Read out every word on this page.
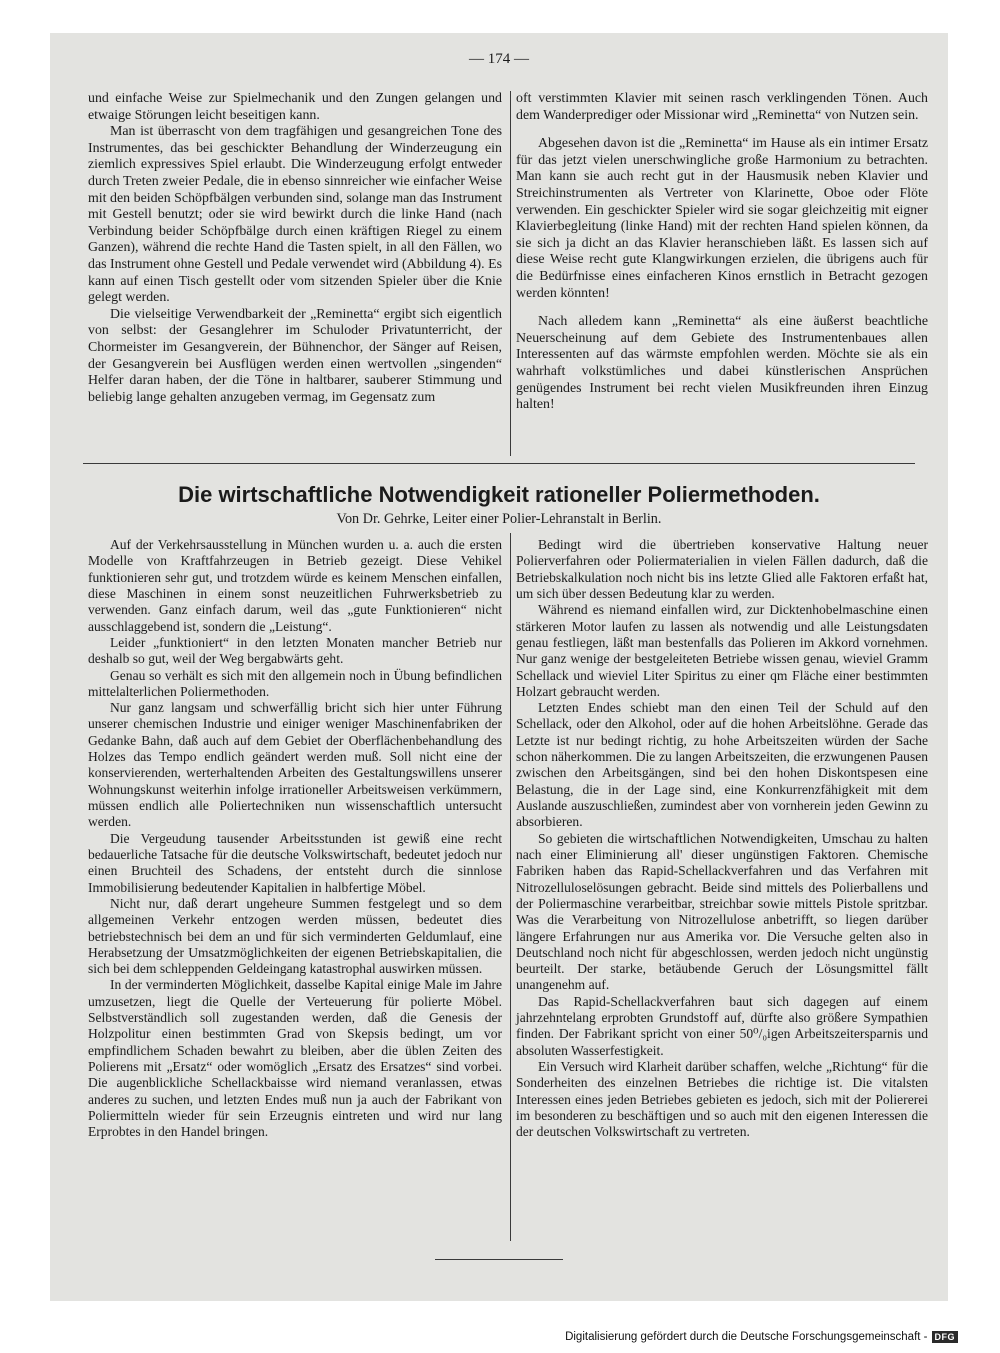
— 174 —

und einfache Weise zur Spielmechanik und den Zungen gelangen und etwaige Störungen leicht beseitigen kann.

Man ist überrascht von dem tragfähigen und gesangreichen Tone des Instrumentes, das bei geschickter Behandlung der Winderzeugung ein ziemlich expressives Spiel erlaubt. Die Winderzeugung erfolgt entweder durch Treten zweier Pedale, die in ebenso sinnreicher wie einfacher Weise mit den beiden Schöpfbälgen verbunden sind, solange man das Instrument mit Gestell benutzt; oder sie wird bewirkt durch die linke Hand (nach Verbindung beider Schöpfbälge durch einen kräftigen Riegel zu einem Ganzen), während die rechte Hand die Tasten spielt, in all den Fällen, wo das Instrument ohne Gestell und Pedale verwendet wird (Abbildung 4). Es kann auf einen Tisch gestellt oder vom sitzenden Spieler über die Knie gelegt werden.

Die vielseitige Verwendbarkeit der „Reminetta“ ergibt sich eigentlich von selbst: der Gesanglehrer im Schuloder Privatunterricht, der Chormeister im Gesangverein, der Bühnenchor, der Sänger auf Reisen, der Gesangverein bei Ausflügen werden einen wertvollen „singenden“ Helfer daran haben, der die Töne in haltbarer, sauberer Stimmung und beliebig lange gehalten anzugeben vermag, im Gegensatz zum

oft verstimmten Klavier mit seinen rasch verklingenden Tönen. Auch dem Wanderprediger oder Missionar wird „Reminetta“ von Nutzen sein.

Abgesehen davon ist die „Reminetta“ im Hause als ein intimer Ersatz für das jetzt vielen unerschwingliche große Harmonium zu betrachten. Man kann sie auch recht gut in der Hausmusik neben Klavier und Streichinstrumenten als Vertreter von Klarinette, Oboe oder Flöte verwenden. Ein geschickter Spieler wird sie sogar gleichzeitig mit eigner Klavierbegleitung (linke Hand) mit der rechten Hand spielen können, da sie sich ja dicht an das Klavier heranschieben läßt. Es lassen sich auf diese Weise recht gute Klangwirkungen erzielen, die übrigens auch für die Bedürfnisse eines einfacheren Kinos ernstlich in Betracht gezogen werden könnten!

Nach alledem kann „Reminetta“ als eine äußerst beachtliche Neuerscheinung auf dem Gebiete des Instrumentenbaues allen Interessenten auf das wärmste empfohlen werden. Möchte sie als ein wahrhaft volkstümliches und dabei künstlerischen Ansprüchen genügendes Instrument bei recht vielen Musikfreunden ihren Einzug halten!

Die wirtschaftliche Notwendigkeit rationeller Poliermethoden.
Von Dr. Gehrke, Leiter einer Polier-Lehranstalt in Berlin.

Auf der Verkehrsausstellung in München wurden u. a. auch die ersten Modelle von Kraftfahrzeugen in Betrieb gezeigt. Diese Vehikel funktionieren sehr gut, und trotzdem würde es keinem Menschen einfallen, diese Maschinen in einem sonst neuzeitlichen Fuhrwerksbetrieb zu verwenden. Ganz einfach darum, weil das „gute Funktionieren“ nicht ausschlaggebend ist, sondern die „Leistung“.

Leider „funktioniert“ in den letzten Monaten mancher Betrieb nur deshalb so gut, weil der Weg bergabwärts geht.

Genau so verhält es sich mit den allgemein noch in Übung befindlichen mittelalterlichen Poliermethoden.

Nur ganz langsam und schwerfällig bricht sich hier unter Führung unserer chemischen Industrie und einiger weniger Maschinenfabriken der Gedanke Bahn, daß auch auf dem Gebiet der Oberflächenbehandlung des Holzes das Tempo endlich geändert werden muß. Soll nicht eine der konservierenden, werterhaltenden Arbeiten des Gestaltungswillens unserer Wohnungskunst weiterhin infolge irrationeller Arbeitsweisen verkümmern, müssen endlich alle Poliertechniken nun wissenschaftlich untersucht werden.

Die Vergeudung tausender Arbeitsstunden ist gewiß eine recht bedauerliche Tatsache für die deutsche Volkswirtschaft, bedeutet jedoch nur einen Bruchteil des Schadens, der entsteht durch die sinnlose Immobilisierung bedeutender Kapitalien in halbfertige Möbel.

Nicht nur, daß derart ungeheure Summen festgelegt und so dem allgemeinen Verkehr entzogen werden müssen, bedeutet dies betriebstechnisch bei dem an und für sich verminderten Geldumlauf, eine Herabsetzung der Umsatzmöglichkeiten der eigenen Betriebskapitalien, die sich bei dem schleppenden Geldeingang katastrophal auswirken müssen.

In der verminderten Möglichkeit, dasselbe Kapital einige Male im Jahre umzusetzen, liegt die Quelle der Verteuerung für polierte Möbel. Selbstverständlich soll zugestanden werden, daß die Genesis der Holzpolitur einen bestimmten Grad von Skepsis bedingt, um vor empfindlichem Schaden bewahrt zu bleiben, aber die üblen Zeiten des Polierens mit „Ersatz“ oder womöglich „Ersatz des Ersatzes“ sind vorbei. Die augenblickliche Schellackbaisse wird niemand veranlassen, etwas anderes zu suchen, und letzten Endes muß nun ja auch der Fabrikant von Poliermitteln wieder für sein Erzeugnis eintreten und wird nur lang Erprobtes in den Handel bringen.

Bedingt wird die übertrieben konservative Haltung neuer Polierverfahren oder Poliermaterialien in vielen Fällen dadurch, daß die Betriebskalkulation noch nicht bis ins letzte Glied alle Faktoren erfaßt hat, um sich über dessen Bedeutung klar zu werden.

Während es niemand einfallen wird, zur Dicktenhobelmaschine einen stärkeren Motor laufen zu lassen als notwendig und alle Leistungsdaten genau festliegen, läßt man bestenfalls das Polieren im Akkord vornehmen. Nur ganz wenige der bestgeleiteten Betriebe wissen genau, wieviel Gramm Schellack und wieviel Liter Spiritus zu einer qm Fläche einer bestimmten Holzart gebraucht werden.

Letzten Endes schiebt man den einen Teil der Schuld auf den Schellack, oder den Alkohol, oder auf die hohen Arbeitslöhne. Gerade das Letzte ist nur bedingt richtig, zu hohe Arbeitszeiten würden der Sache schon näherkommen. Die zu langen Arbeitszeiten, die erzwungenen Pausen zwischen den Arbeitsgängen, sind bei den hohen Diskontspesen eine Belastung, die in der Lage sind, eine Konkurrenzfähigkeit mit dem Auslande auszuschließen, zumindest aber von vornherein jeden Gewinn zu absorbieren.

So gebieten die wirtschaftlichen Notwendigkeiten, Umschau zu halten nach einer Eliminierung all' dieser ungünstigen Faktoren. Chemische Fabriken haben das Rapid-Schellackverfahren und das Verfahren mit Nitrozelluloselösungen gebracht. Beide sind mittels des Polierballens und der Poliermaschine verarbeitbar, streichbar sowie mittels Pistole spritzbar. Was die Verarbeitung von Nitrozellulose anbetrifft, so liegen darüber längere Erfahrungen nur aus Amerika vor. Die Versuche gelten also in Deutschland noch nicht für abgeschlossen, werden jedoch nicht ungünstig beurteilt. Der starke, betäubende Geruch der Lösungsmittel fällt unangenehm auf.

Das Rapid-Schellackverfahren baut sich dagegen auf einem jahrzehntelang erprobten Grundstoff auf, dürfte also größere Sympathien finden. Der Fabrikant spricht von einer 50⁰/₀igen Arbeitszeitersparnis und absoluten Wasserfestigkeit.

Ein Versuch wird Klarheit darüber schaffen, welche „Richtung“ für die Sonderheiten des einzelnen Betriebes die richtige ist. Die vitalsten Interessen eines jeden Betriebes gebieten es jedoch, sich mit der Poliererei im besonderen zu beschäftigen und so auch mit den eigenen Interessen die der deutschen Volkswirtschaft zu vertreten.

Digitalisierung gefördert durch die Deutsche Forschungsgemeinschaft - DFG
